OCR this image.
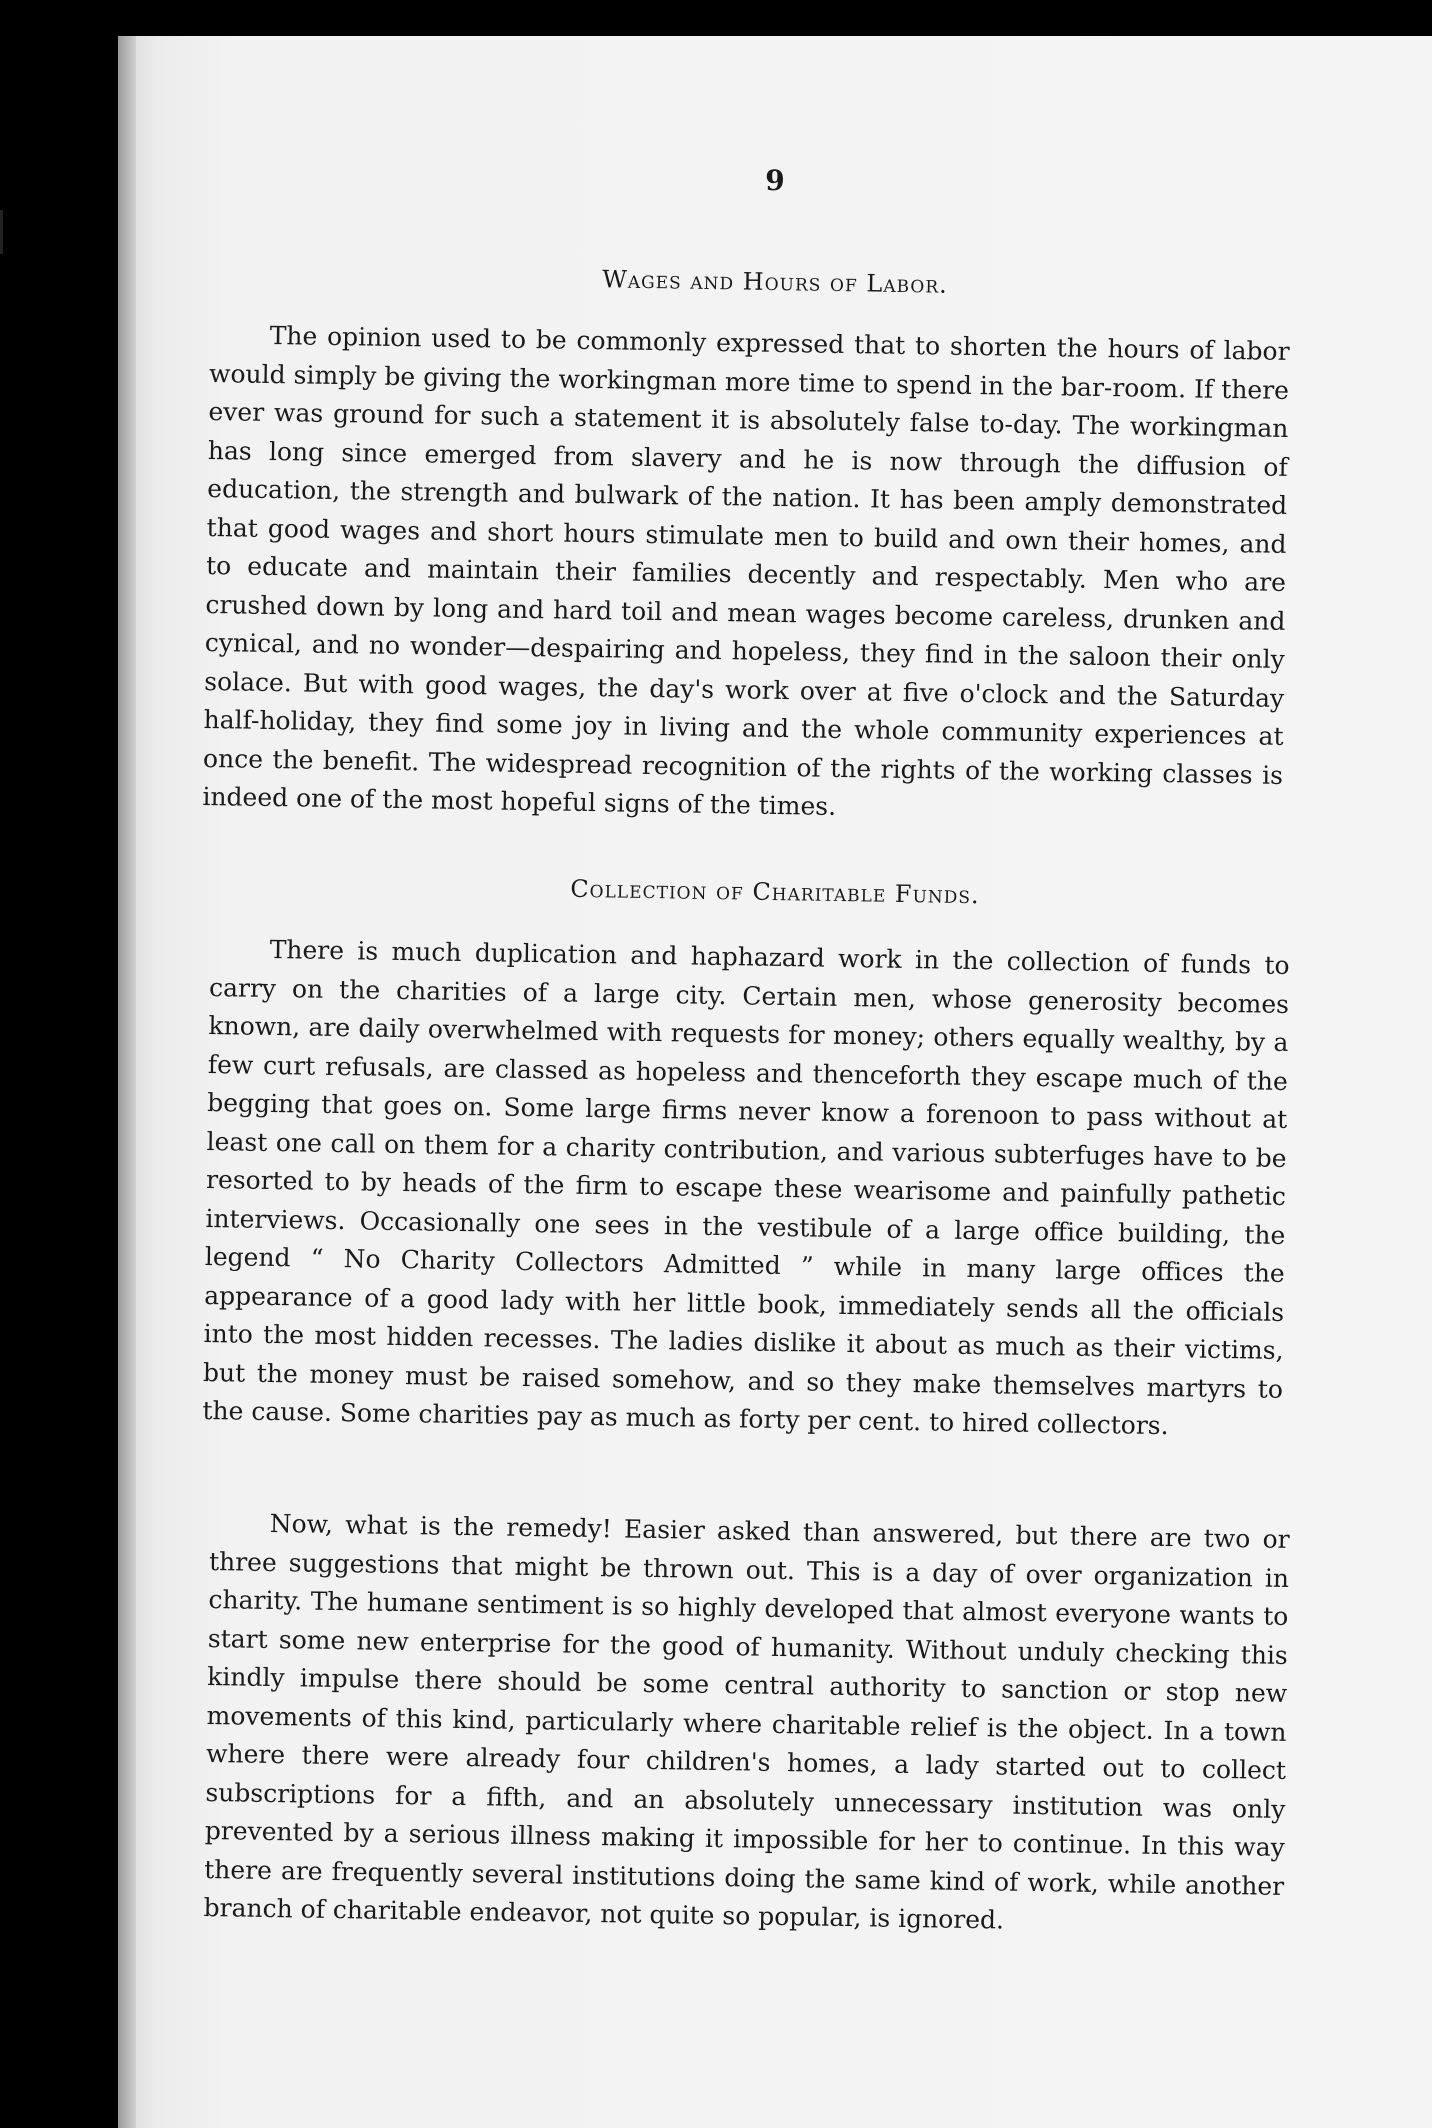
9
Wages and Hours of Labor.

The opinion used to be commonly expressed that to shorten the hours of labor would simply be giving the workingman more time to spend in the bar-room. If there ever was ground for such a statement it is absolutely false to-day. The workingman has long since emerged from slavery and he is now through the diffusion of education, the strength and bulwark of the nation. It has been amply demonstrated that good wages and short hours stimulate men to build and own their homes, and to educate and maintain their families decently and respectably. Men who are crushed down by long and hard toil and mean wages become careless, drunken and cynical, and no wonder—despairing and hopeless, they find in the saloon their only solace. But with good wages, the day's work over at five o'clock and the Saturday half-holiday, they find some joy in living and the whole community experiences at once the benefit. The widespread recognition of the rights of the working classes is indeed one of the most hopeful signs of the times.

Collection of Charitable Funds.

There is much duplication and haphazard work in the collection of funds to carry on the charities of a large city. Certain men, whose generosity becomes known, are daily overwhelmed with requests for money; others equally wealthy, by a few curt refusals, are classed as hopeless and thenceforth they escape much of the begging that goes on. Some large firms never know a forenoon to pass without at least one call on them for a charity contribution, and various subterfuges have to be resorted to by heads of the firm to escape these wearisome and painfully pathetic interviews. Occasionally one sees in the vestibule of a large office building, the legend “ No Charity Collectors Admitted ” while in many large offices the appearance of a good lady with her little book, immediately sends all the officials into the most hidden recesses. The ladies dislike it about as much as their victims, but the money must be raised somehow, and so they make themselves martyrs to the cause. Some charities pay as much as forty per cent. to hired collectors.

Now, what is the remedy! Easier asked than answered, but there are two or three suggestions that might be thrown out. This is a day of over organization in charity. The humane sentiment is so highly developed that almost everyone wants to start some new enterprise for the good of humanity. Without unduly checking this kindly impulse there should be some central authority to sanction or stop new movements of this kind, particularly where charitable relief is the object. In a town where there were already four children's homes, a lady started out to collect subscriptions for a fifth, and an absolutely unnecessary institution was only prevented by a serious illness making it impossible for her to continue. In this way there are frequently several institutions doing the same kind of work, while another branch of charitable endeavor, not quite so popular, is ignored.
